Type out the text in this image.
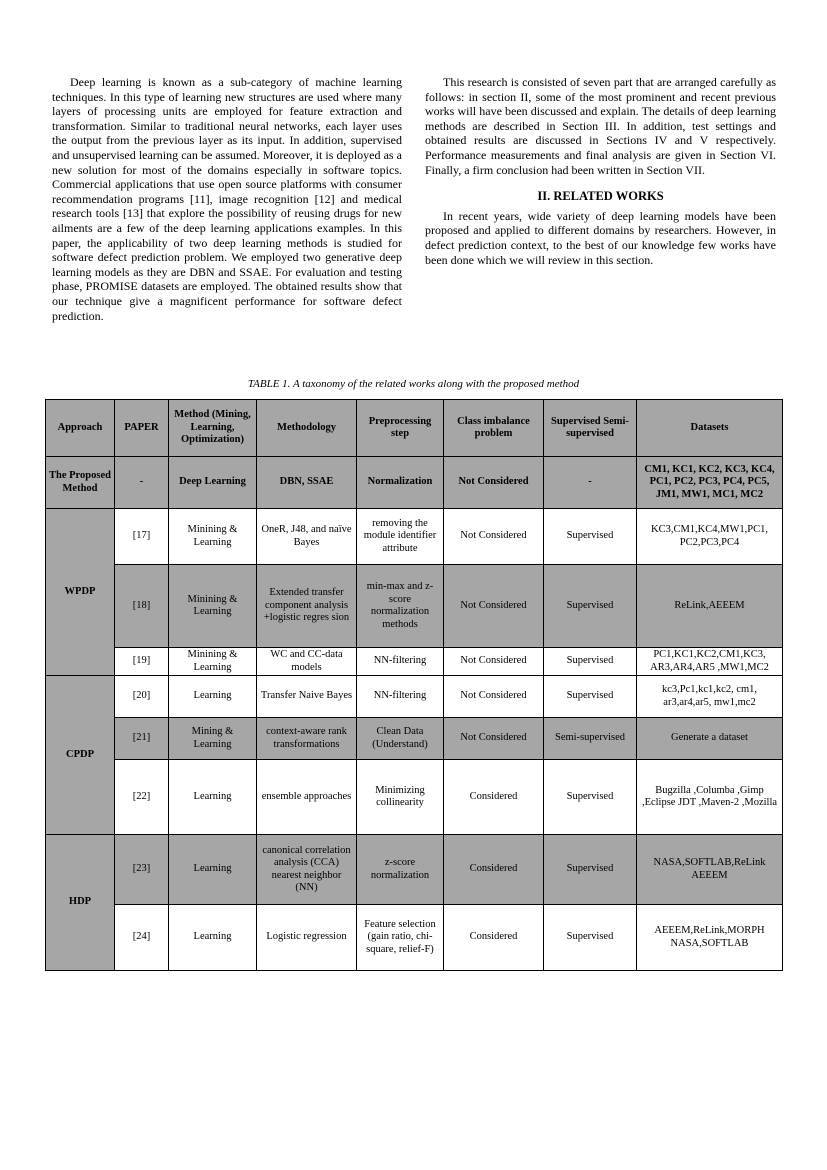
Deep learning is known as a sub-category of machine learning techniques. In this type of learning new structures are used where many layers of processing units are employed for feature extraction and transformation. Similar to traditional neural networks, each layer uses the output from the previous layer as its input. In addition, supervised and unsupervised learning can be assumed. Moreover, it is deployed as a new solution for most of the domains especially in software topics. Commercial applications that use open source platforms with consumer recommendation programs [11], image recognition [12] and medical research tools [13] that explore the possibility of reusing drugs for new ailments are a few of the deep learning applications examples. In this paper, the applicability of two deep learning methods is studied for software defect prediction problem. We employed two generative deep learning models as they are DBN and SSAE. For evaluation and testing phase, PROMISE datasets are employed. The obtained results show that our technique give a magnificent performance for software defect prediction.

This research is consisted of seven part that are arranged carefully as follows: in section II, some of the most prominent and recent previous works will have been discussed and explain. The details of deep learning methods are described in Section III. In addition, test settings and obtained results are discussed in Sections IV and V respectively. Performance measurements and final analysis are given in Section VI. Finally, a firm conclusion had been written in Section VII.

II. RELATED WORKS

In recent years, wide variety of deep learning models have been proposed and applied to different domains by researchers. However, in defect prediction context, to the best of our knowledge few works have been done which we will review in this section.

TABLE 1. A taxonomy of the related works along with the proposed method
Approach	PAPER	Method (Mining, Learning, Optimization)	Methodology	Preprocessing step	Class imbalance problem	Supervised Semi-supervised	Datasets
The Proposed Method	-	Deep Learning	DBN, SSAE	Normalization	Not Considered	-	CM1, KC1, KC2, KC3, KC4, PC1, PC2, PC3, PC4, PC5, JM1, MW1, MC1, MC2
WPDP	[17]	Minining & Learning	OneR, J48, and naïve Bayes	removing the module identifier attribute	Not Considered	Supervised	KC3,CM1,KC4,MW1,PC1, PC2,PC3,PC4
	[18]	Minining & Learning	Extended transfer component analysis +logistic regres sion	min-max and z-score normalization methods	Not Considered	Supervised	ReLink,AEEEM
	[19]	Minining & Learning	WC and CC-data models	NN-filtering	Not Considered	Supervised	PC1,KC1,KC2,CM1,KC3, AR3,AR4,AR5 ,MW1,MC2
CPDP	[20]	Learning	Transfer Naive Bayes	NN-filtering	Not Considered	Supervised	kc3,Pc1,kc1,kc2, cm1, ar3,ar4,ar5, mw1,mc2
	[21]	Mining & Learning	context-aware rank transformations	Clean Data (Understand)	Not Considered	Semi-supervised	Generate a dataset
	[22]	Learning	ensemble approaches	Minimizing collinearity	Considered	Supervised	Bugzilla ,Columba ,Gimp ,Eclipse JDT ,Maven-2 ,Mozilla
HDP	[23]	Learning	canonical correlation analysis (CCA) nearest neighbor (NN)	z-score normalization	Considered	Supervised	NASA,SOFTLAB,ReLink AEEEM
	[24]	Learning	Logistic regression	Feature selection (gain ratio, chi-square, relief-F)	Considered	Supervised	AEEEM,ReLink,MORPH NASA,SOFTLAB
